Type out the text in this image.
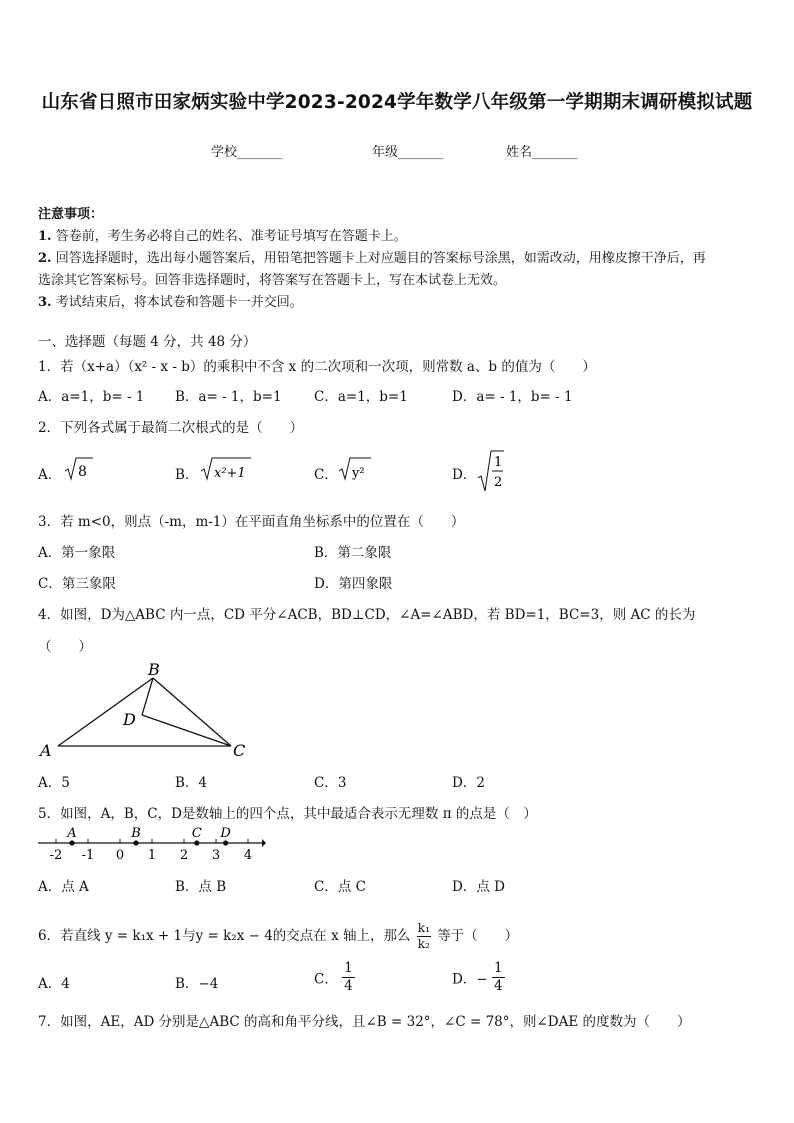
山东省日照市田家炳实验中学2023-2024学年数学八年级第一学期期末调研模拟试题
学校_______	年级_______	姓名_______
注意事项：
1. 答卷前，考生务必将自己的姓名、准考证号填写在答题卡上。
2. 回答选择题时，选出每小题答案后，用铅笔把答题卡上对应题目的答案标号涂黑，如需改动，用橡皮擦干净后，再
选涂其它答案标号。回答非选择题时，将答案写在答题卡上，写在本试卷上无效。
3. 考试结束后，将本试卷和答题卡一并交回。
一、选择题（每题 4 分，共 48 分）
1．若（x+a）（x² - x - b）的乘积中不含 x 的二次项和一次项，则常数 a、b 的值为（　　）
A．a=1，b= - 1 B．a= - 1，b=1 C．a=1，b=1	D．a= - 1，b= - 1
2．下列各式属于最简二次根式的是（　　）
A．	B．	C．	D．
8	x²+1	y²
1
2
3．若 m<0，则点（-m，m-1）在平面直角坐标系中的位置在（　　）
A．第一象限	B．第二象限
C．第三象限	D．第四象限
4．如图，D为△ABC 内一点，CD 平分∠ACB，BD⊥CD，∠A=∠ABD，若 BD=1，BC=3，则 AC 的长为
（　　）
A
B
C
D
A．5	B．4	C．3	D．2
5．如图，A，B，C，D是数轴上的四个点，其中最适合表示无理数 π 的点是（　）
-2 -1 0 1 2 3 4
A	B	C D
A．点 A	B．点 B	C．点 C	D．点 D
6．若直线 y = k₁x + 1与y = k₂x − 4的交点在 x 轴上，那么 $\frac{\text{k₁}}{\text{k₂}}$ 等于（　　）
A．4	B．−4	C． $\frac{1}{4}$	D．− $\frac{1}{4}$
7．如图，AE，AD 分别是△ABC 的高和角平分线，且∠B = 32°，∠C = 78°，则∠DAE 的度数为（　　）
